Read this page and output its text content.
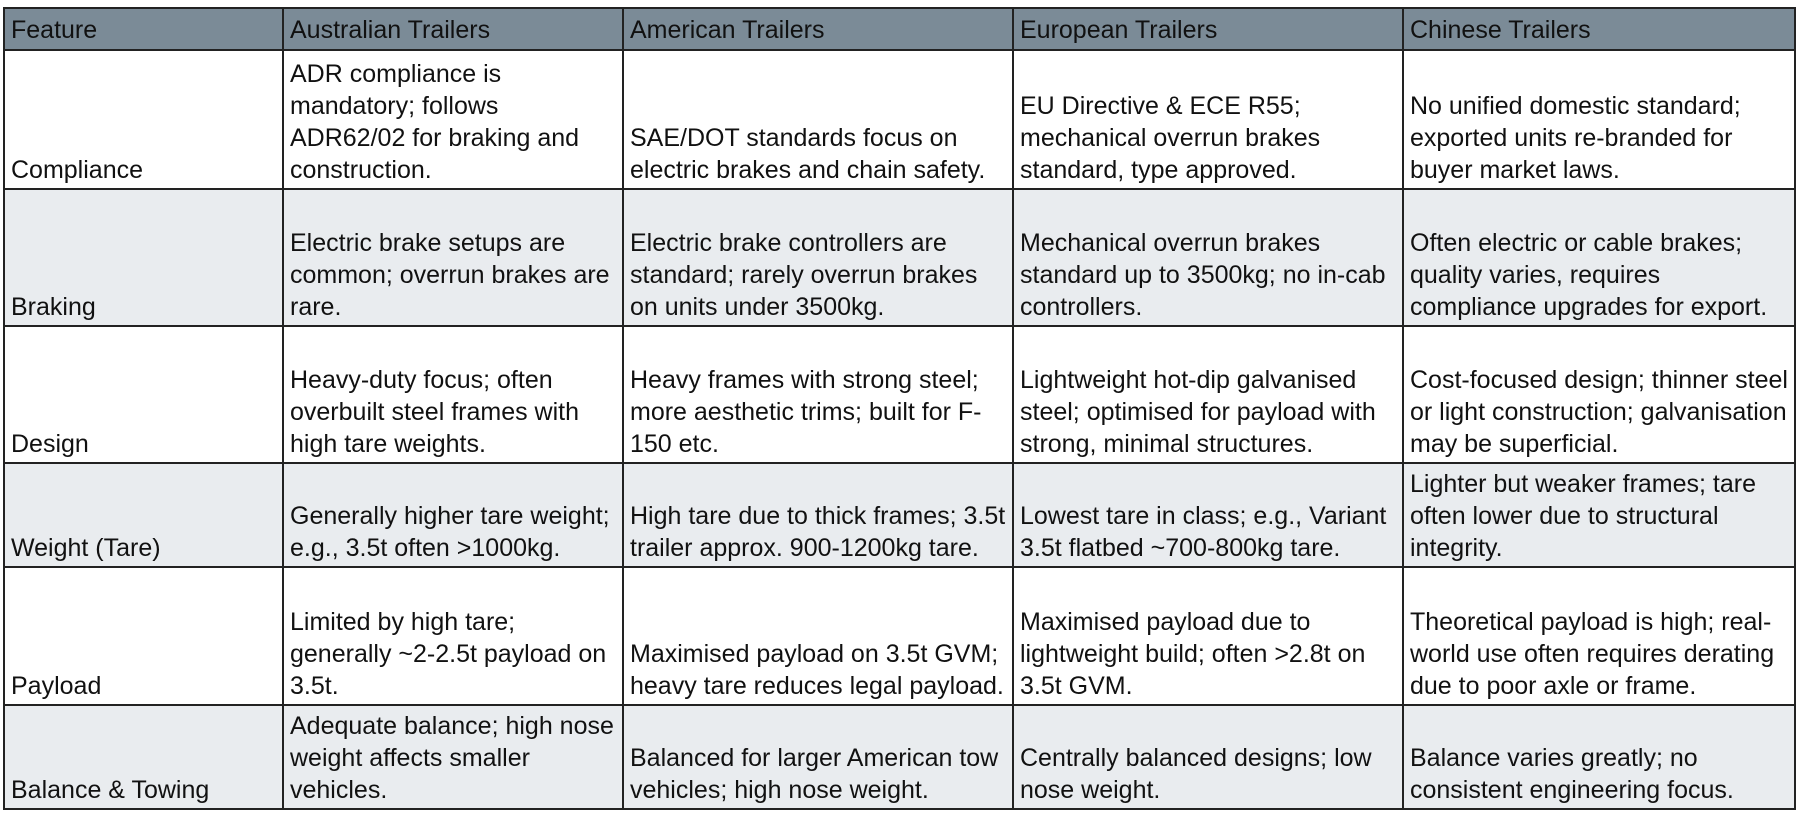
Feature	Australian Trailers	American Trailers	European Trailers	Chinese Trailers

Compliance	ADR compliance is mandatory; follows ADR62/02 for braking and construction.	SAE/DOT standards focus on electric brakes and chain safety.	EU Directive & ECE R55; mechanical overrun brakes standard, type approved.	No unified domestic standard; exported units re-branded for buyer market laws.

Braking	Electric brake setups are common; overrun brakes are rare.	Electric brake controllers are standard; rarely overrun brakes on units under 3500kg.	Mechanical overrun brakes standard up to 3500kg; no in-cab controllers.	Often electric or cable brakes; quality varies, requires compliance upgrades for export.

Design	Heavy-duty focus; often overbuilt steel frames with high tare weights.	Heavy frames with strong steel; more aesthetic trims; built for F-150 etc.	Lightweight hot-dip galvanised steel; optimised for payload with strong, minimal structures.	Cost-focused design; thinner steel or light construction; galvanisation may be superficial.

Weight (Tare)	Generally higher tare weight; e.g., 3.5t often >1000kg.	High tare due to thick frames; 3.5t trailer approx. 900-1200kg tare.	Lowest tare in class; e.g., Variant 3.5t flatbed ~700-800kg tare.	Lighter but weaker frames; tare often lower due to structural integrity.

Payload	Limited by high tare; generally ~2-2.5t payload on 3.5t.	Maximised payload on 3.5t GVM; heavy tare reduces legal payload.	Maximised payload due to lightweight build; often >2.8t on 3.5t GVM.	Theoretical payload is high; real-world use often requires derating due to poor axle or frame.

Balance & Towing	Adequate balance; high nose weight affects smaller vehicles.	Balanced for larger American tow vehicles; high nose weight.	Centrally balanced designs; low nose weight.	Balance varies greatly; no consistent engineering focus.
